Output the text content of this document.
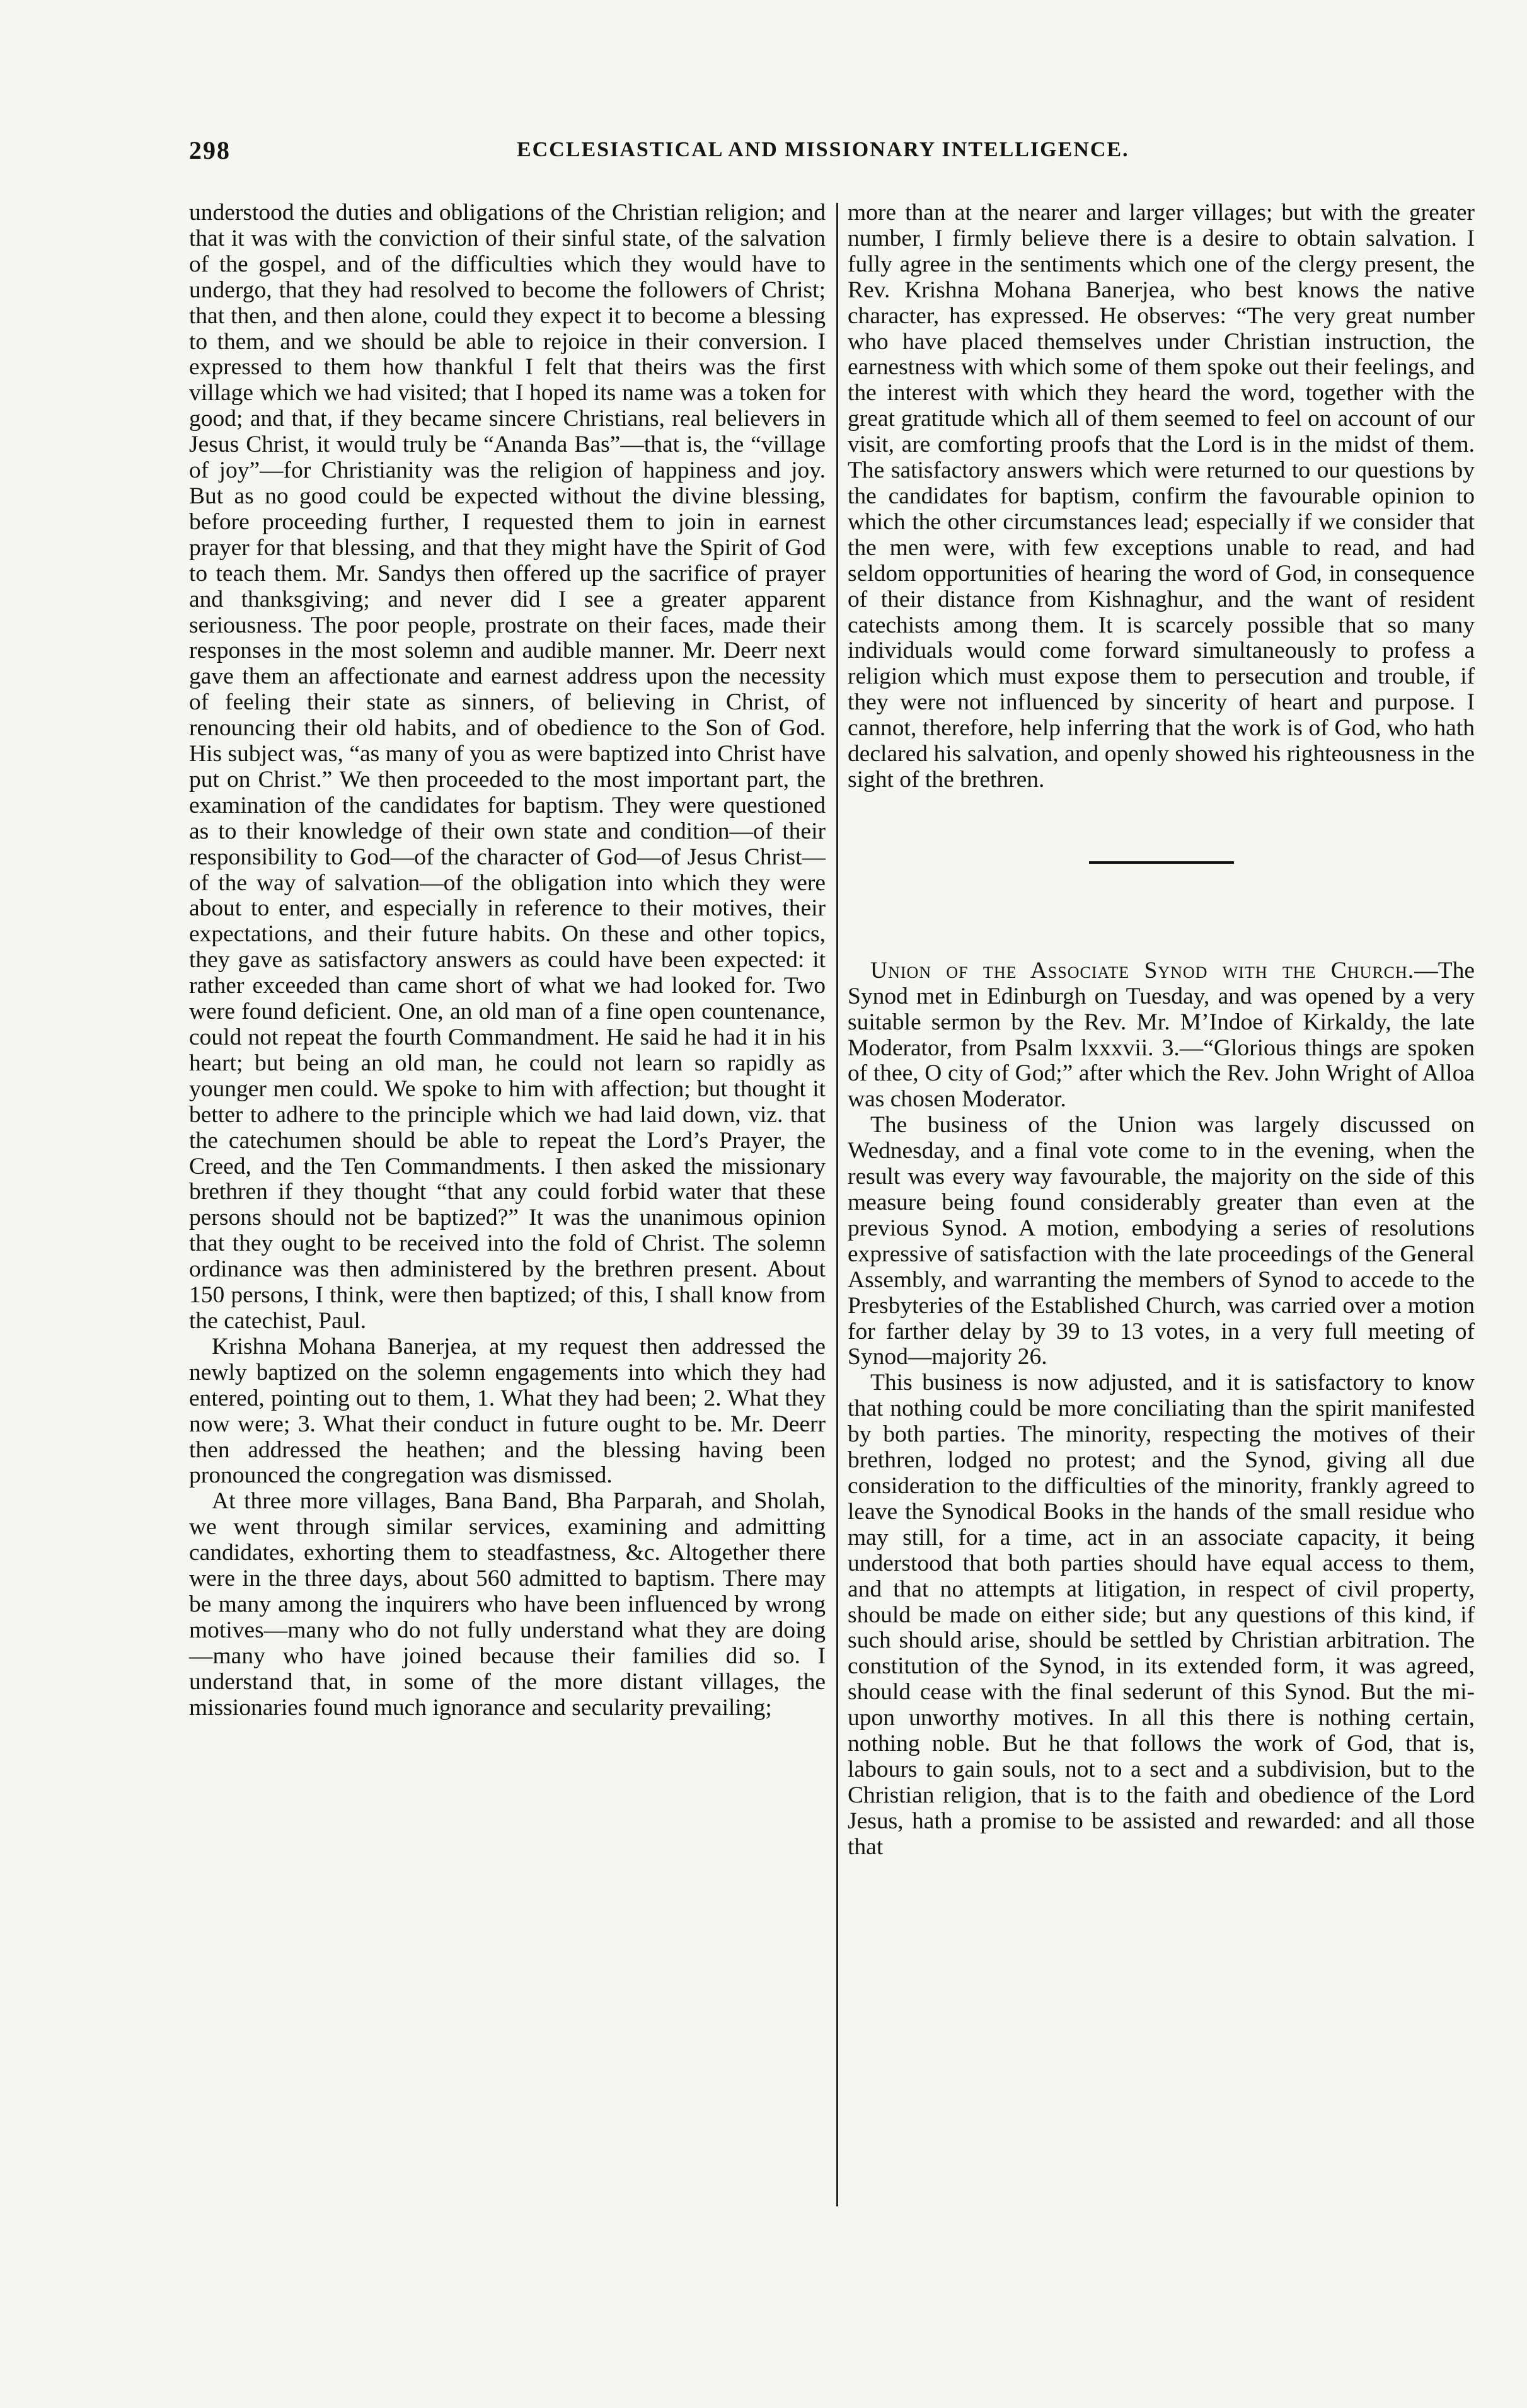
298	ECCLESIASTICAL AND MISSIONARY INTELLIGENCE.

understood the duties and obligations of the Christian religion; and that it was with the conviction of their sinful state, of the salvation of the gospel, and of the difficulties which they would have to undergo, that they had resolved to become the followers of Christ; that then, and then alone, could they expect it to become a blessing to them, and we should be able to rejoice in their conversion. I expressed to them how thankful I felt that theirs was the first village which we had visited; that I hoped its name was a token for good; and that, if they became sincere Christians, real believers in Jesus Christ, it would truly be “Ananda Bas”—that is, the “village of joy”—for Christianity was the religion of happiness and joy. But as no good could be expected without the divine blessing, before proceeding further, I requested them to join in earnest prayer for that blessing, and that they might have the Spirit of God to teach them. Mr. Sandys then offered up the sacrifice of prayer and thanksgiving; and never did I see a greater apparent seriousness. The poor people, prostrate on their faces, made their responses in the most solemn and audible manner. Mr. Deerr next gave them an affectionate and earnest address upon the necessity of feeling their state as sinners, of believing in Christ, of renouncing their old habits, and of obedience to the Son of God. His subject was, “as many of you as were baptized into Christ have put on Christ.” We then proceeded to the most important part, the examination of the candidates for baptism. They were questioned as to their knowledge of their own state and condition—of their responsibility to God—of the character of God—of Jesus Christ—of the way of salvation—of the obligation into which they were about to enter, and especially in reference to their motives, their expectations, and their future habits. On these and other topics, they gave as satisfactory answers as could have been expected: it rather exceeded than came short of what we had looked for. Two were found deficient. One, an old man of a fine open countenance, could not repeat the fourth Commandment. He said he had it in his heart; but being an old man, he could not learn so rapidly as younger men could. We spoke to him with affection; but thought it better to adhere to the principle which we had laid down, viz. that the catechumen should be able to repeat the Lord’s Prayer, the Creed, and the Ten Commandments. I then asked the missionary brethren if they thought “that any could forbid water that these persons should not be baptized?” It was the unanimous opinion that they ought to be received into the fold of Christ. The solemn ordinance was then administered by the brethren present. About 150 persons, I think, were then baptized; of this, I shall know from the catechist, Paul.

Krishna Mohana Banerjea, at my request then addressed the newly baptized on the solemn engagements into which they had entered, pointing out to them, 1. What they had been; 2. What they now were; 3. What their conduct in future ought to be. Mr. Deerr then addressed the heathen; and the blessing having been pronounced the congregation was dismissed.

At three more villages, Bana Band, Bha Parparah, and Sholah, we went through similar services, examining and admitting candidates, exhorting them to steadfastness, &c. Altogether there were in the three days, about 560 admitted to baptism. There may be many among the inquirers who have been influenced by wrong motives—many who do not fully understand what they are doing—many who have joined because their families did so. I understand that, in some of the more distant villages, the missionaries found much ignorance and secularity prevailing;

more than at the nearer and larger villages; but with the greater number, I firmly believe there is a desire to obtain salvation. I fully agree in the sentiments which one of the clergy present, the Rev. Krishna Mohana Banerjea, who best knows the native character, has expressed. He observes: “The very great number who have placed themselves under Christian instruction, the earnestness with which some of them spoke out their feelings, and the interest with which they heard the word, together with the great gratitude which all of them seemed to feel on account of our visit, are comforting proofs that the Lord is in the midst of them. The satisfactory answers which were returned to our questions by the candidates for baptism, confirm the favourable opinion to which the other circumstances lead; especially if we consider that the men were, with few exceptions unable to read, and had seldom opportunities of hearing the word of God, in consequence of their distance from Kishnaghur, and the want of resident catechists among them. It is scarcely possible that so many individuals would come forward simultaneously to profess a religion which must expose them to persecution and trouble, if they were not influenced by sincerity of heart and purpose. I cannot, therefore, help inferring that the work is of God, who hath declared his salvation, and openly showed his righteousness in the sight of the brethren.

Union of the Associate Synod with the Church.—The Synod met in Edinburgh on Tuesday, and was opened by a very suitable sermon by the Rev. Mr. M’Indoe of Kirkaldy, the late Moderator, from Psalm lxxxvii. 3.—“Glorious things are spoken of thee, O city of God;” after which the Rev. John Wright of Alloa was chosen Moderator.

The business of the Union was largely discussed on Wednesday, and a final vote come to in the evening, when the result was every way favourable, the majority on the side of this measure being found considerably greater than even at the previous Synod. A motion, embodying a series of resolutions expressive of satisfaction with the late proceedings of the General Assembly, and warranting the members of Synod to accede to the Presbyteries of the Established Church, was carried over a motion for farther delay by 39 to 13 votes, in a very full meeting of Synod—majority 26.

This business is now adjusted, and it is satisfactory to know that nothing could be more conciliating than the spirit manifested by both parties. The minority, respecting the motives of their brethren, lodged no protest; and the Synod, giving all due consideration to the difficulties of the minority, frankly agreed to leave the Synodical Books in the hands of the small residue who may still, for a time, act in an associate capacity, it being understood that both parties should have equal access to them, and that no attempts at litigation, in respect of civil property, should be made on either side; but any questions of this kind, if such should arise, should be settled by Christian arbitration. The constitution of the Synod, in its extended form, it was agreed, should cease with the final sederunt of this Synod. But the mi- upon unworthy motives. In all this there is nothing certain, nothing noble. But he that follows the work of God, that is, labours to gain souls, not to a sect and a subdivision, but to the Christian religion, that is to the faith and obedience of the Lord Jesus, hath a promise to be assisted and rewarded: and all those that
